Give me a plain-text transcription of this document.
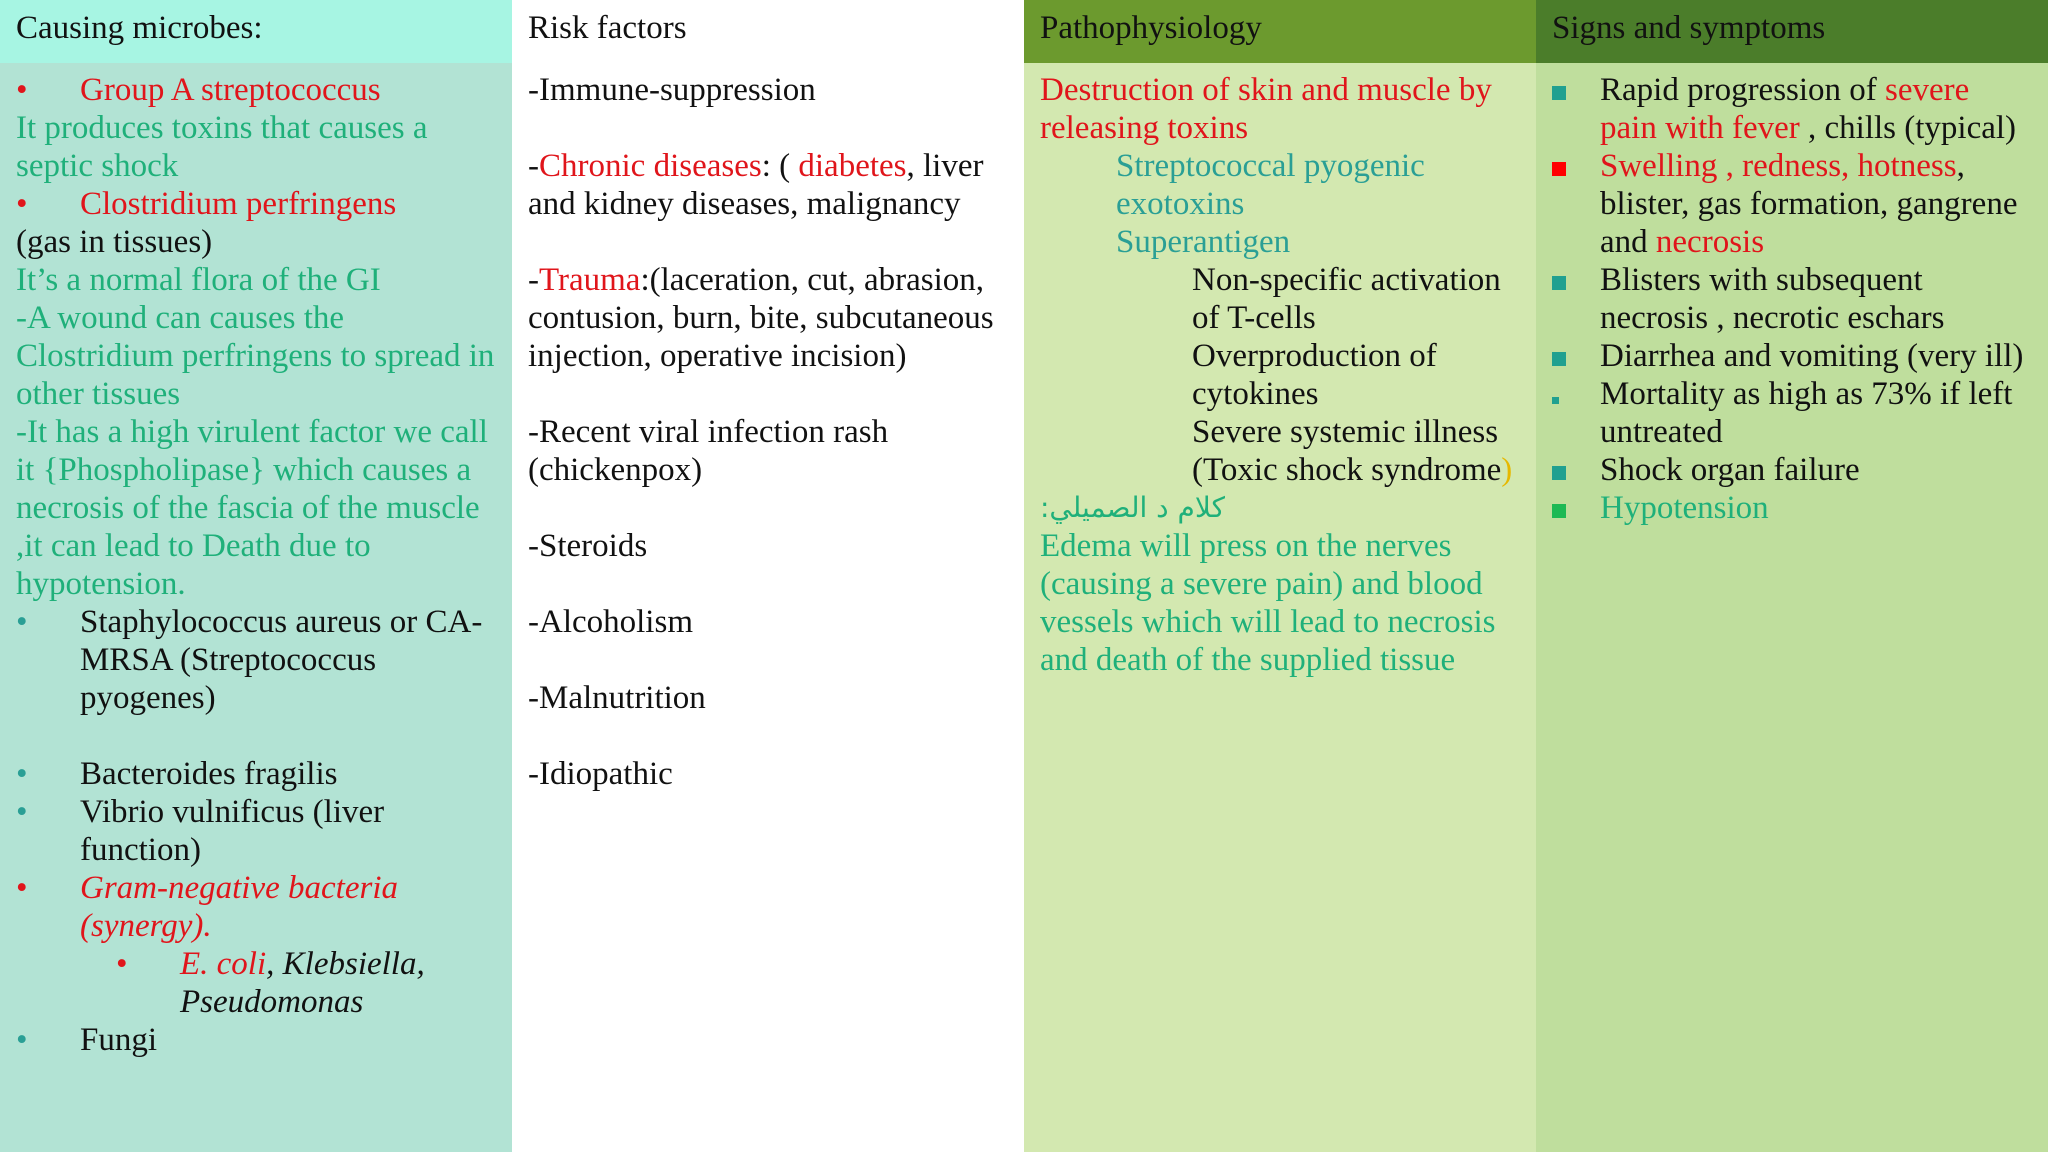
Causing microbes:
•	Group A streptococcus
It produces toxins that causes a septic shock
•	Clostridium perfringens
(gas in tissues)
It’s a normal flora of the GI
-A wound can causes the Clostridium perfringens to spread in other tissues
-It has a high virulent factor we call it {Phospholipase} which causes a necrosis of the fascia of the muscle ,it can lead to Death due to hypotension.
•	Staphylococcus aureus or CA-MRSA (Streptococcus pyogenes)
•	Bacteroides fragilis
•	Vibrio vulnificus (liver function)
•	Gram-negative bacteria (synergy).
•	E. coli, Klebsiella, Pseudomonas
•	Fungi
Risk factors
-Immune-suppression
-Chronic diseases: ( diabetes, liver and kidney diseases, malignancy
-Trauma:(laceration, cut, abrasion, contusion, burn, bite, subcutaneous injection, operative incision)
-Recent viral infection rash (chickenpox)
-Steroids
-Alcoholism
-Malnutrition
-Idiopathic
Pathophysiology
Destruction of skin and muscle by releasing toxins
Streptococcal pyogenic exotoxins
Superantigen
Non-specific activation of T-cells
Overproduction of cytokines
Severe systemic illness (Toxic shock syndrome)
كلام د الصميلي:
Edema will press on the nerves (causing a severe pain) and blood vessels which will lead to necrosis and death of the supplied tissue
Signs and symptoms
Rapid progression of severe pain with fever , chills (typical)
Swelling , redness, hotness, blister, gas formation, gangrene and necrosis
Blisters with subsequent necrosis , necrotic eschars
Diarrhea and vomiting (very ill)
Mortality as high as 73% if left untreated
Shock organ failure
Hypotension
